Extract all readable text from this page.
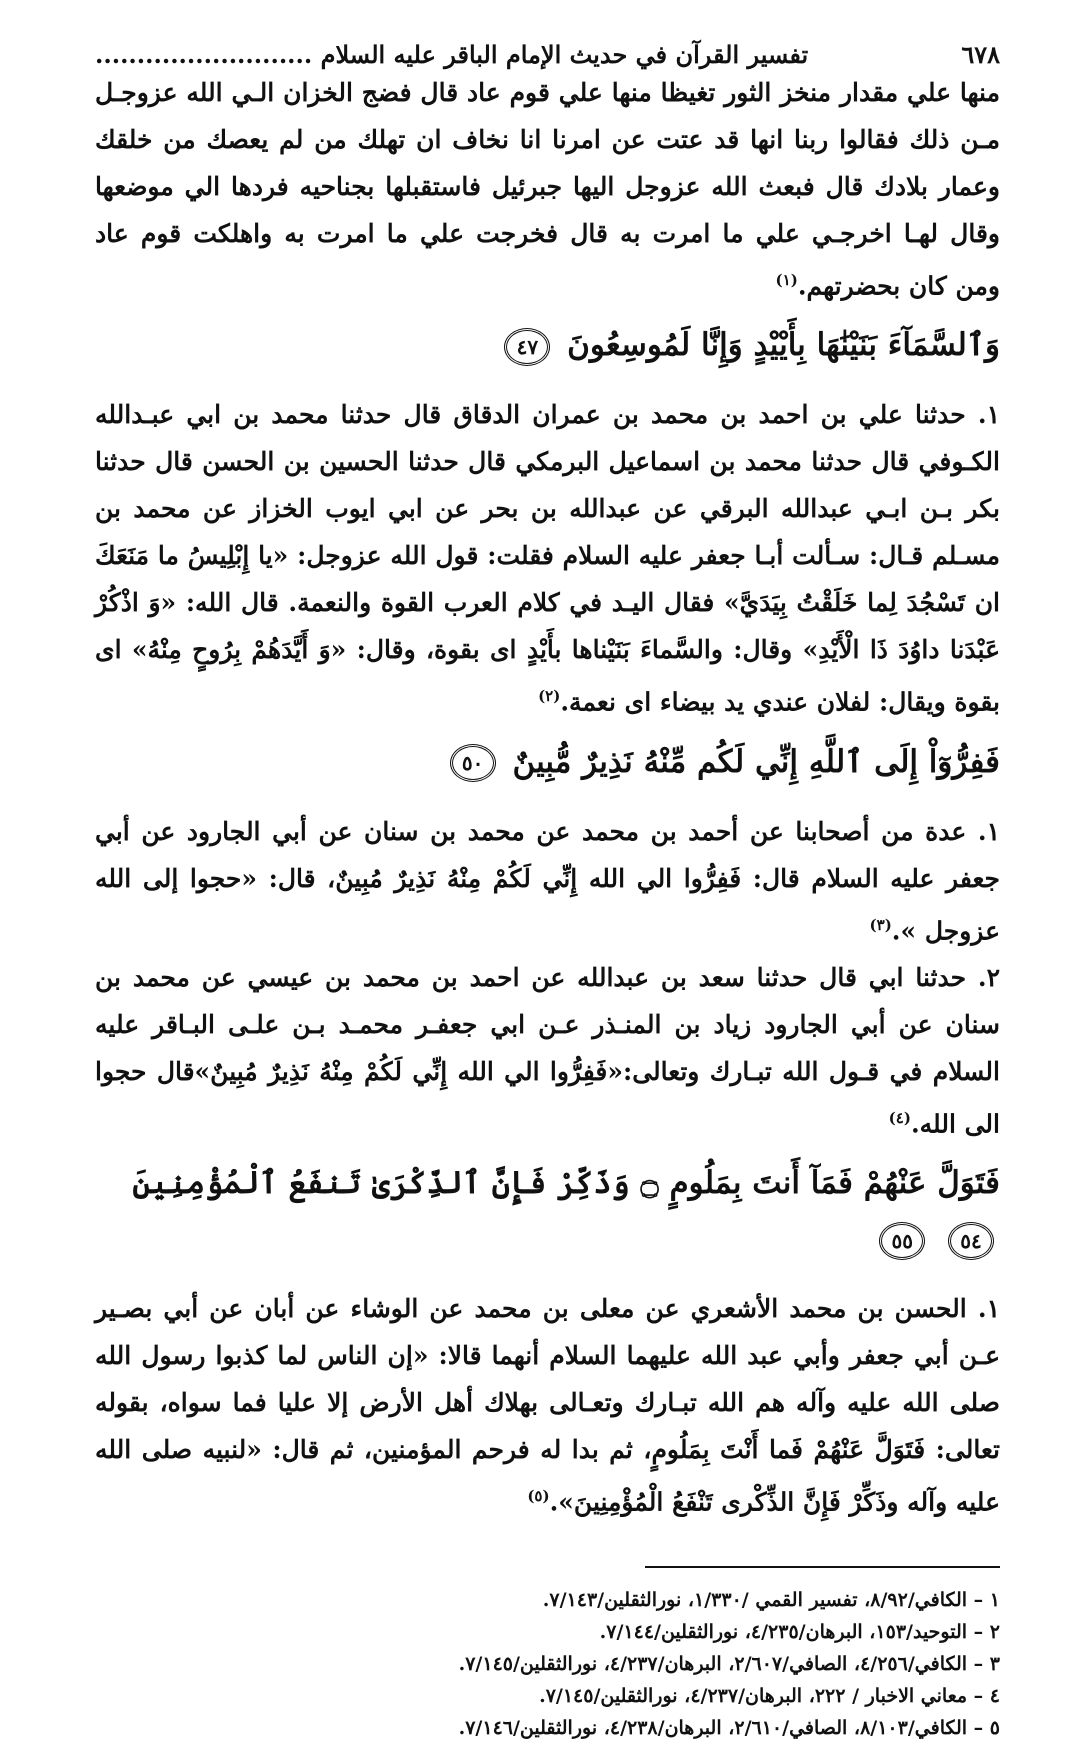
٦٧٨
تفسير القرآن في حديث الإمام الباقر عليه السلام ..........................

منها علي مقدار منخز الثور تغيظا منها علي قوم عاد قال فضج الخزان الـي الله عزوجـل مـن ذلك فقالوا ربنا انها قد عتت عن امرنا انا نخاف ان تهلك من لم يعصك من خلقك وعمار بلادك قال فبعث الله عزوجل اليها جبرئيل فاستقبلها بجناحيه فردها الي موضعها وقال لهـا اخرجـي علي ما امرت به قال فخرجت علي ما امرت به واهلكت قوم عاد ومن كان بحضرتهم.$^{(١)}$

وَٱلسَّمَآءَ بَنَيْنَٰهَا بِأَيْيْدٍ وَإِنَّا لَمُوسِعُونَ ٤٧

١. حدثنا علي بن احمد بن محمد بن عمران الدقاق قال حدثنا محمد بن ابي عبـدالله الكـوفي قال حدثنا محمد بن اسماعيل البرمكي قال حدثنا الحسين بن الحسن قال حدثنا بكر بـن ابـي عبدالله البرقي عن عبدالله بن بحر عن ابي ايوب الخزاز عن محمد بن مسـلم قـال: سـألت أبـا جعفر عليه السلام فقلت: قول الله عزوجل: «يا إِبْلِيسُ ما مَنَعَكَ ان تَسْجُدَ لِما خَلَقْتُ بِيَدَيَّ» فقال اليـد في كلام العرب القوة والنعمة. قال الله: «وَ اذْكُرْ عَبْدَنا داوُدَ ذَا الْأَيْدِ» وقال: والسَّماءَ بَنَيْناها بأَيْدٍ اى بقوة، وقال: «وَ أَيَّدَهُمْ بِرُوحٍ مِنْهُ» اى بقوة ويقال: لفلان عندي يد بيضاء اى نعمة.$^{(٢)}$

فَفِرُّوٓاْ إِلَى ٱللَّهِ إِنِّي لَكُم مِّنْهُ نَذِيرٌ مُّبِينٌ ٥٠

١. عدة من أصحابنا عن أحمد بن محمد عن محمد بن سنان عن أبي الجارود عن أبي جعفر عليه السلام قال: فَفِرُّوا الي الله إِنِّي لَكُمْ مِنْهُ نَذِيرٌ مُبِينٌ، قال: «حجوا إلى الله عزوجل ».$^{(٣)}$

٢. حدثنا ابي قال حدثنا سعد بن عبدالله عن احمد بن محمد بن عيسي عن محمد بن سنان عن أبي الجارود زياد بن المنـذر عـن ابي جعفـر محمـد بـن علـى البـاقر عليه السلام في قـول الله تبـارك وتعالى:«فَفِرُّوا الي الله إِنِّي لَكُمْ مِنْهُ نَذِيرٌ مُبِينٌ»قال حجوا الى الله.$^{(٤)}$

فَتَوَلَّ عَنْهُمْ فَمَآ أَنتَ بِمَلُومٍ ۝ وَذَكِّرْ فَإِنَّ ٱلذِّكْرَىٰ تَنفَعُ ٱلْمُؤْمِنِينَ ٥٤ ٥٥

١. الحسن بن محمد الأشعري عن معلى بن محمد عن الوشاء عن أبان عن أبي بصـير عـن أبي جعفر وأبي عبد الله عليهما السلام أنهما قالا: «إن الناس لما كذبوا رسول الله صلى الله عليه وآله هم الله تبـارك وتعـالى بهلاك أهل الأرض إلا عليا فما سواه، بقوله تعالى: فَتَوَلَّ عَنْهُمْ فَما أَنْتَ بِمَلُومٍ، ثم بدا له فرحم المؤمنين، ثم قال: «لنبيه صلى الله عليه وآله وذَكِّرْ فَإِنَّ الذِّكْرى تَنْفَعُ الْمُؤْمِنِينَ».$^{(٥)}$

١ – الكافي/٨/٩٢، تفسير القمي /١/٣٣٠، نورالثقلين/٧/١٤٣.

٢ – التوحيد/١٥٣، البرهان/٤/٢٣٥، نورالثقلين/٧/١٤٤.

٣ – الكافي/٤/٢٥٦، الصافي/٢/٦٠٧، البرهان/٤/٢٣٧، نورالثقلين/٧/١٤٥.

٤ – معاني الاخبار / ٢٢٢، البرهان/٤/٢٣٧، نورالثقلين/٧/١٤٥.

٥ – الكافي/٨/١٠٣، الصافي/٢/٦١٠، البرهان/٤/٢٣٨، نورالثقلين/٧/١٤٦.
